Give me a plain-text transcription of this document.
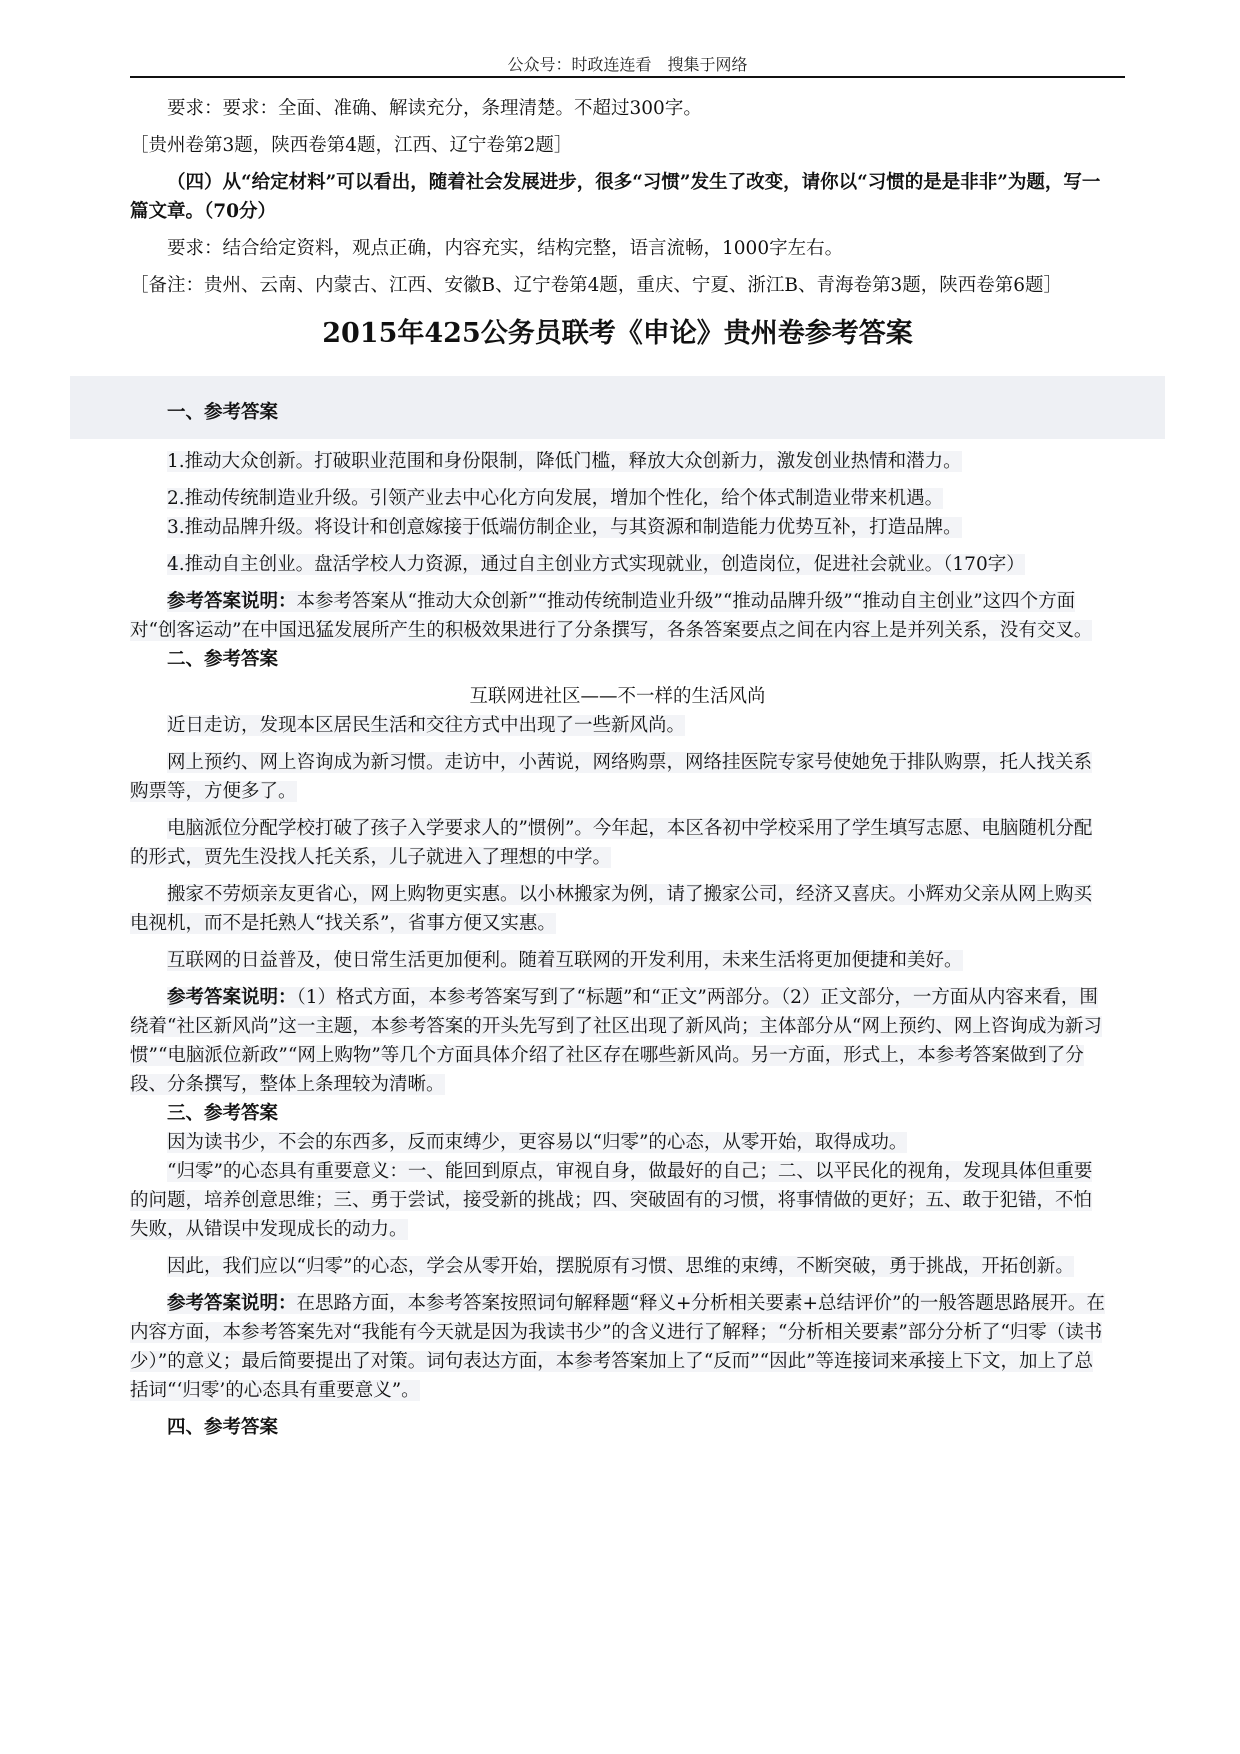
公众号：时政连连看　搜集于网络

要求：要求：全面、准确、解读充分，条理清楚。不超过300字。

［贵州卷第3题，陕西卷第4题，江西、辽宁卷第2题］

（四）从“给定材料”可以看出，随着社会发展进步，很多“习惯”发生了改变，请你以“习惯的是是非非”为题，写一篇文章。（70分）

要求：结合给定资料，观点正确，内容充实，结构完整，语言流畅，1000字左右。

［备注：贵州、云南、内蒙古、江西、安徽B、辽宁卷第4题，重庆、宁夏、浙江B、青海卷第3题，陕西卷第6题］

2015年425公务员联考《申论》贵州卷参考答案

一、参考答案

1.推动大众创新。打破职业范围和身份限制，降低门槛，释放大众创新力，激发创业热情和潜力。

2.推动传统制造业升级。引领产业去中心化方向发展，增加个性化，给个体式制造业带来机遇。

3.推动品牌升级。将设计和创意嫁接于低端仿制企业，与其资源和制造能力优势互补，打造品牌。

4.推动自主创业。盘活学校人力资源，通过自主创业方式实现就业，创造岗位，促进社会就业。（170字）

参考答案说明：本参考答案从“推动大众创新”“推动传统制造业升级”“推动品牌升级”“推动自主创业”这四个方面对“创客运动”在中国迅猛发展所产生的积极效果进行了分条撰写，各条答案要点之间在内容上是并列关系，没有交叉。

二、参考答案

互联网进社区——不一样的生活风尚

近日走访，发现本区居民生活和交往方式中出现了一些新风尚。

网上预约、网上咨询成为新习惯。走访中，小茜说，网络购票，网络挂医院专家号使她免于排队购票，托人找关系购票等，方便多了。

电脑派位分配学校打破了孩子入学要求人的”惯例”。今年起，本区各初中学校采用了学生填写志愿、电脑随机分配的形式，贾先生没找人托关系，儿子就进入了理想的中学。

搬家不劳烦亲友更省心，网上购物更实惠。以小林搬家为例，请了搬家公司，经济又喜庆。小辉劝父亲从网上购买电视机，而不是托熟人“找关系”，省事方便又实惠。

互联网的日益普及，使日常生活更加便利。随着互联网的开发利用，未来生活将更加便捷和美好。

参考答案说明：（1）格式方面，本参考答案写到了“标题”和“正文”两部分。（2）正文部分，一方面从内容来看，围绕着“社区新风尚”这一主题，本参考答案的开头先写到了社区出现了新风尚；主体部分从“网上预约、网上咨询成为新习惯”“电脑派位新政”“网上购物”等几个方面具体介绍了社区存在哪些新风尚。另一方面，形式上，本参考答案做到了分段、分条撰写，整体上条理较为清晰。

三、参考答案

因为读书少，不会的东西多，反而束缚少，更容易以“归零”的心态，从零开始，取得成功。

“归零”的心态具有重要意义：一、能回到原点，审视自身，做最好的自己；二、以平民化的视角，发现具体但重要的问题，培养创意思维；三、勇于尝试，接受新的挑战；四、突破固有的习惯，将事情做的更好；五、敢于犯错，不怕失败，从错误中发现成长的动力。

因此，我们应以“归零”的心态，学会从零开始，摆脱原有习惯、思维的束缚，不断突破，勇于挑战，开拓创新。

参考答案说明：在思路方面，本参考答案按照词句解释题“释义+分析相关要素+总结评价”的一般答题思路展开。在内容方面，本参考答案先对“我能有今天就是因为我读书少”的含义进行了解释；“分析相关要素”部分分析了“归零（读书少）”的意义；最后简要提出了对策。词句表达方面，本参考答案加上了“反而”“因此”等连接词来承接上下文，加上了总括词“‘归零’的心态具有重要意义”。

四、参考答案
